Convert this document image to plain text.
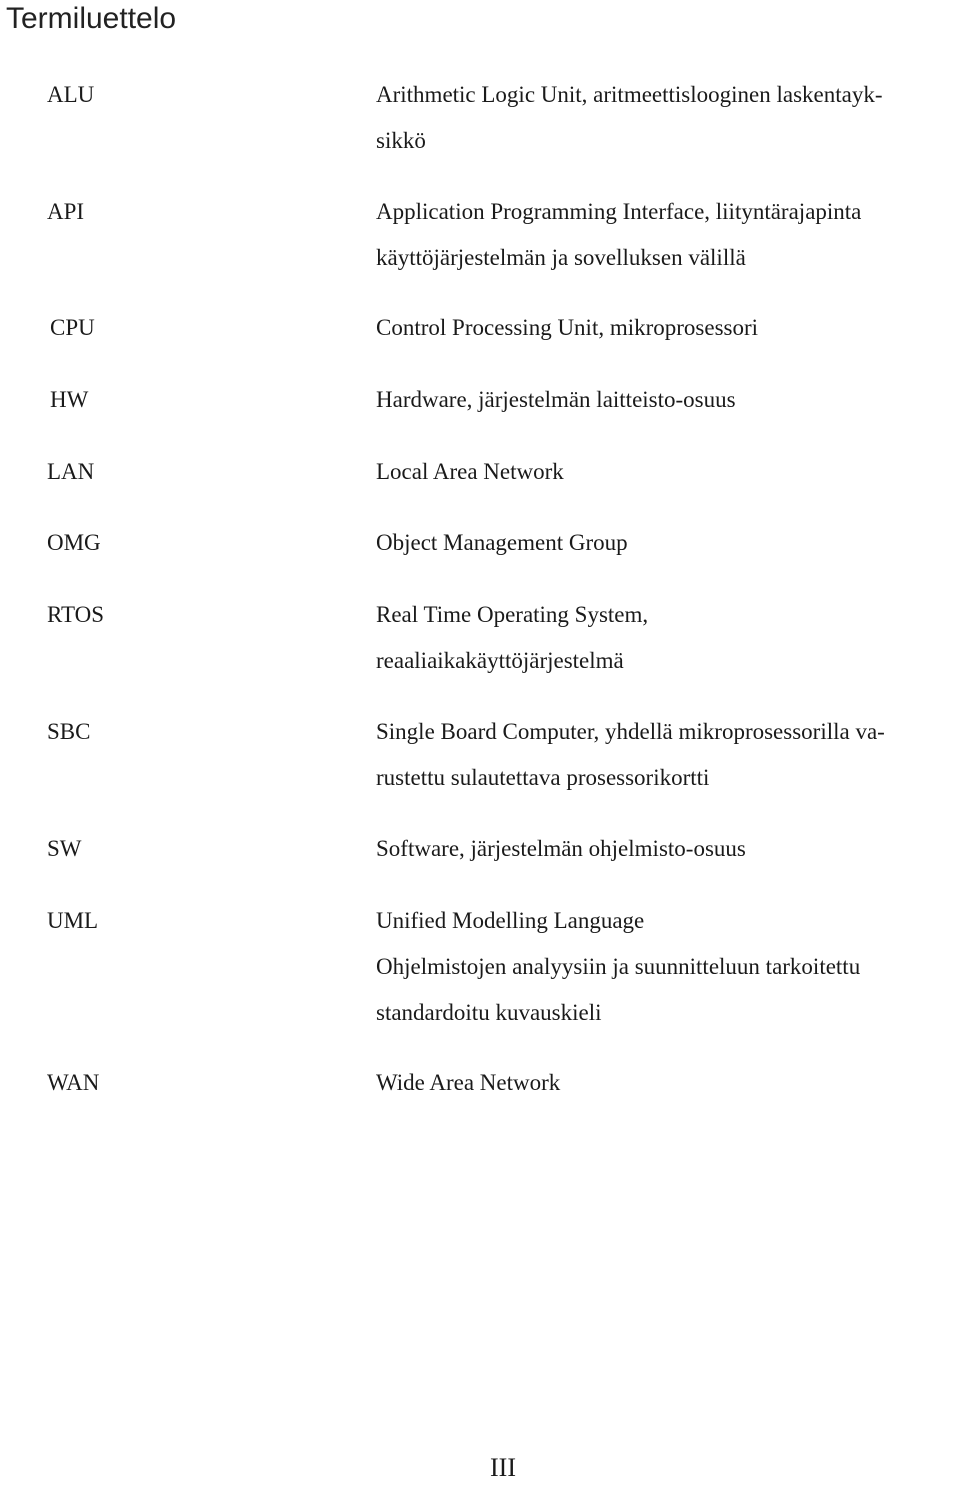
Termiluettelo
ALU	Arithmetic Logic Unit, aritmeettislooginen laskentayk-
sikkö
API	Application Programming Interface, liityntärajapinta
käyttöjärjestelmän ja sovelluksen välillä
CPU	Control Processing Unit, mikroprosessori
HW	Hardware, järjestelmän laitteisto-osuus
LAN	Local Area Network
OMG	Object Management Group
RTOS	Real Time Operating System,
reaaliaikakäyttöjärjestelmä
SBC	Single Board Computer, yhdellä mikroprosessorilla va-
rustettu sulautettava prosessorikortti
SW	Software, järjestelmän ohjelmisto-osuus
UML	Unified Modelling Language
Ohjelmistojen analyysiin ja suunnitteluun tarkoitettu
standardoitu kuvauskieli
WAN	Wide Area Network
III
